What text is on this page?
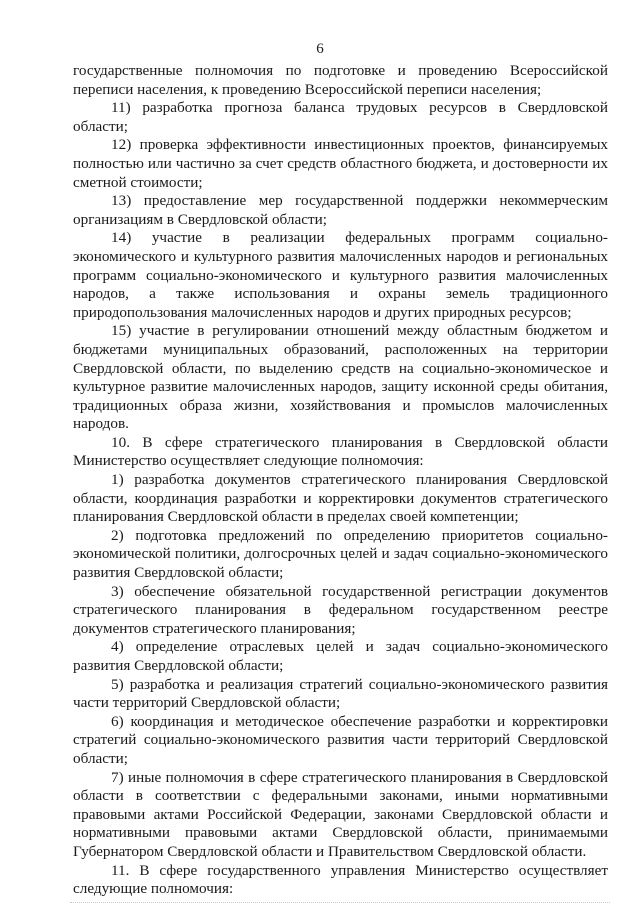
6

государственные полномочия по подготовке и проведению Всероссийской переписи населения, к проведению Всероссийской переписи населения;

11) разработка прогноза баланса трудовых ресурсов в Свердловской области;

12) проверка эффективности инвестиционных проектов, финансируемых полностью или частично за счет средств областного бюджета, и достоверности их сметной стоимости;

13) предоставление мер государственной поддержки некоммерческим организациям в Свердловской области;

14) участие в реализации федеральных программ социально-экономического и культурного развития малочисленных народов и региональных программ социально-экономического и культурного развития малочисленных народов, а также использования и охраны земель традиционного природопользования малочисленных народов и других природных ресурсов;

15) участие в регулировании отношений между областным бюджетом и бюджетами муниципальных образований, расположенных на территории Свердловской области, по выделению средств на социально-экономическое и культурное развитие малочисленных народов, защиту исконной среды обитания, традиционных образа жизни, хозяйствования и промыслов малочисленных народов.

10. В сфере стратегического планирования в Свердловской области Министерство осуществляет следующие полномочия:

1) разработка документов стратегического планирования Свердловской области, координация разработки и корректировки документов стратегического планирования Свердловской области в пределах своей компетенции;

2) подготовка предложений по определению приоритетов социально-экономической политики, долгосрочных целей и задач социально-экономического развития Свердловской области;

3) обеспечение обязательной государственной регистрации документов стратегического планирования в федеральном государственном реестре документов стратегического планирования;

4) определение отраслевых целей и задач социально-экономического развития Свердловской области;

5) разработка и реализация стратегий социально-экономического развития части территорий Свердловской области;

6) координация и методическое обеспечение разработки и корректировки стратегий социально-экономического развития части территорий Свердловской области;

7) иные полномочия в сфере стратегического планирования в Свердловской области в соответствии с федеральными законами, иными нормативными правовыми актами Российской Федерации, законами Свердловской области и нормативными правовыми актами Свердловской области, принимаемыми Губернатором Свердловской области и Правительством Свердловской области.

11. В сфере государственного управления Министерство осуществляет следующие полномочия:
